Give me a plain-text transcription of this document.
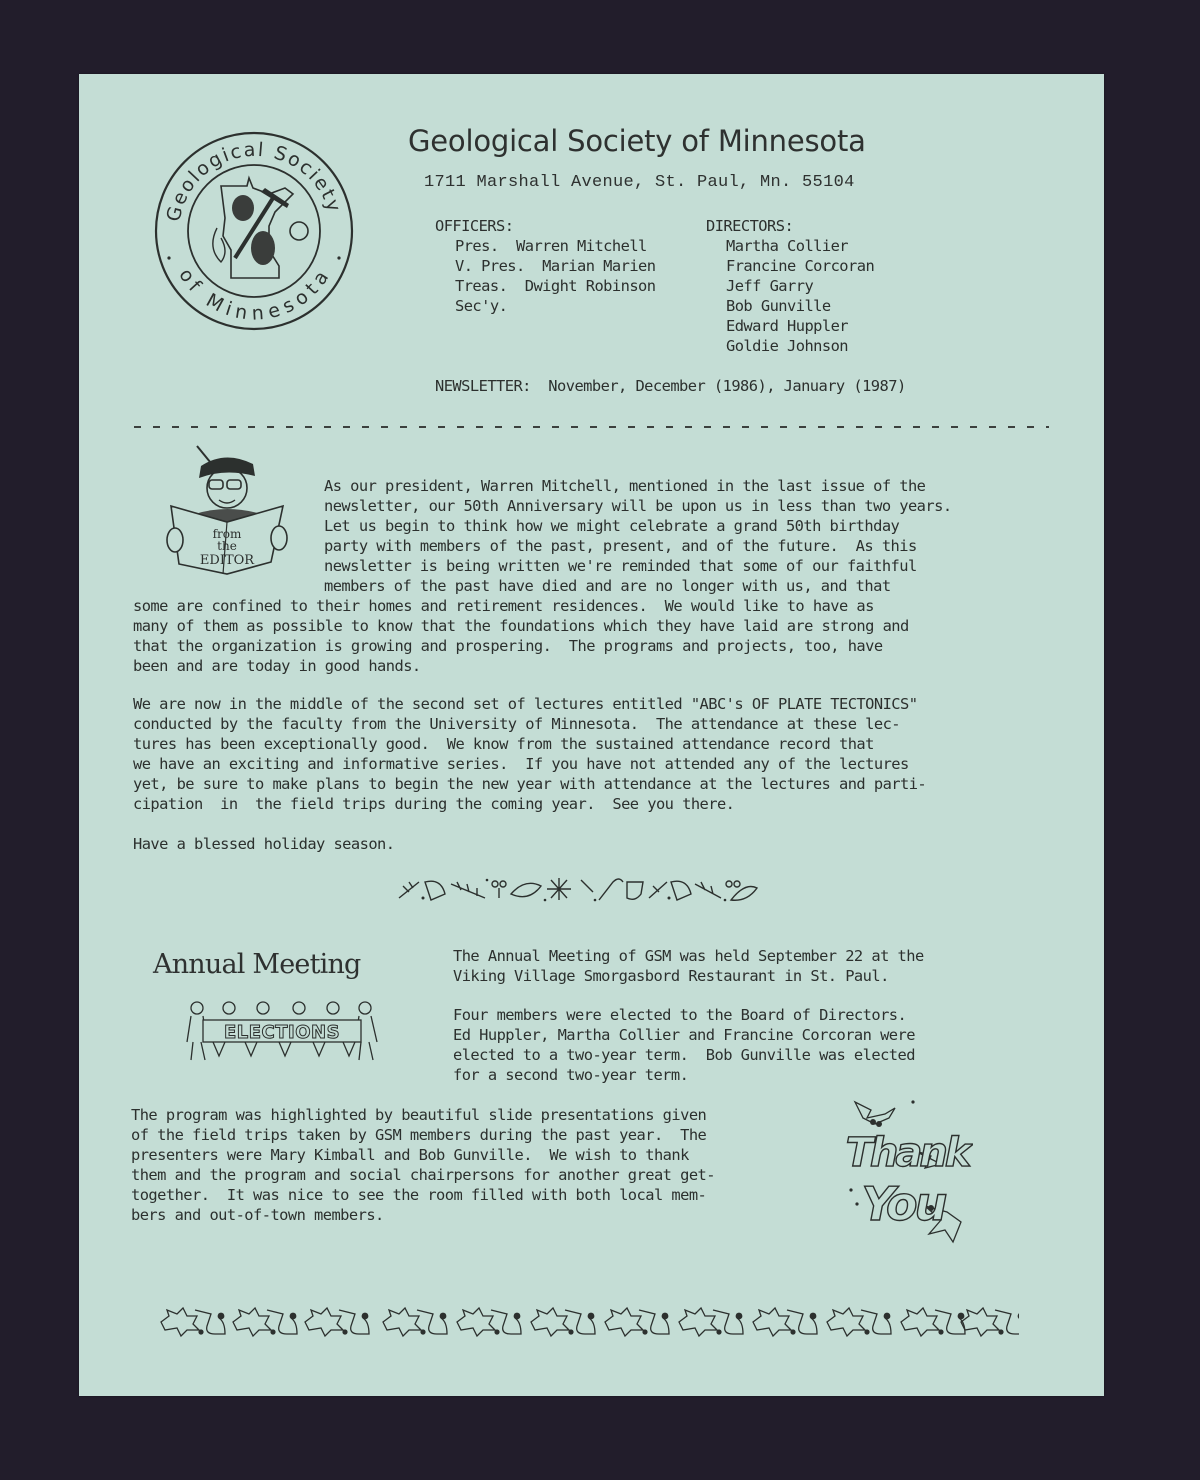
Geological Society
of Minnesota
Geological Society of Minnesota
1711 Marshall Avenue, St. Paul, Mn. 55104
OFFICERS:
Pres.  Warren Mitchell
V. Pres.  Marian Marien
Treas.  Dwight Robinson
Sec'y.
DIRECTORS:
Martha Collier
Francine Corcoran
Jeff Garry
Bob Gunville
Edward Huppler
Goldie Johnson
NEWSLETTER:  November, December (1986), January (1987)
from
the
EDITOR
As our president, Warren Mitchell, mentioned in the last issue of the
newsletter, our 50th Anniversary will be upon us in less than two years.
Let us begin to think how we might celebrate a grand 50th birthday
party with members of the past, present, and of the future.  As this
newsletter is being written we're reminded that some of our faithful
members of the past have died and are no longer with us, and that
some are confined to their homes and retirement residences.  We would like to have as
many of them as possible to know that the foundations which they have laid are strong and
that the organization is growing and prospering.  The programs and projects, too, have
been and are today in good hands.
We are now in the middle of the second set of lectures entitled "ABC's OF PLATE TECTONICS"
conducted by the faculty from the University of Minnesota.  The attendance at these lec-
tures has been exceptionally good.  We know from the sustained attendance record that
we have an exciting and informative series.  If you have not attended any of the lectures
yet, be sure to make plans to begin the new year with attendance at the lectures and parti-
cipation  in  the field trips during the coming year.  See you there.
Have a blessed holiday season.
Annual Meeting
ELECTIONS
The Annual Meeting of GSM was held September 22 at the
Viking Village Smorgasbord Restaurant in St. Paul.
Four members were elected to the Board of Directors.
Ed Huppler, Martha Collier and Francine Corcoran were
elected to a two-year term.  Bob Gunville was elected
for a second two-year term.
The program was highlighted by beautiful slide presentations given
of the field trips taken by GSM members during the past year.  The
presenters were Mary Kimball and Bob Gunville.  We wish to thank
them and the program and social chairpersons for another great get-
together.  It was nice to see the room filled with both local mem-
bers and out-of-town members.
Thank
You
